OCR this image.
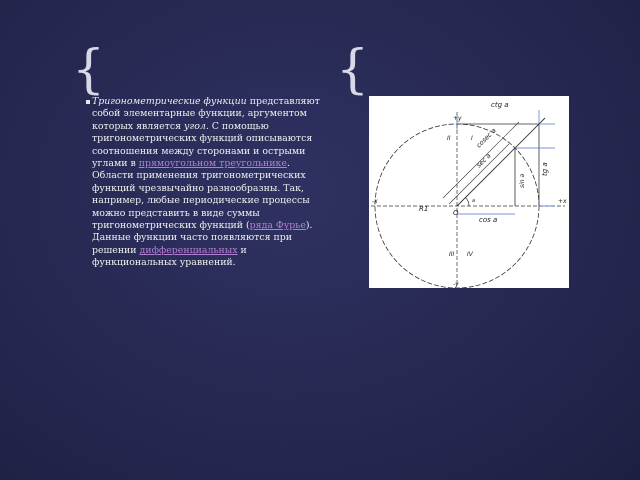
{	{
Тригонометрические функции представляют собой элементарные функции, аргументом которых является угол. С помощью тригонометрических функций описываются соотношения между сторонами и острыми углами в прямоугольном треугольнике. Области применения тригонометрических функций чрезвычайно разнообразны. Так, например, любые периодические процессы можно представить в виде суммы тригонометрических функций (ряда Фурье). Данные функции часто появляются при решении дифференциальных и функциональных уравнений.
ctg a
tg a
cosec a
sec a
sin a
cos a
+y
-y
+x
-x
R1	O
a
I
II
III IV
